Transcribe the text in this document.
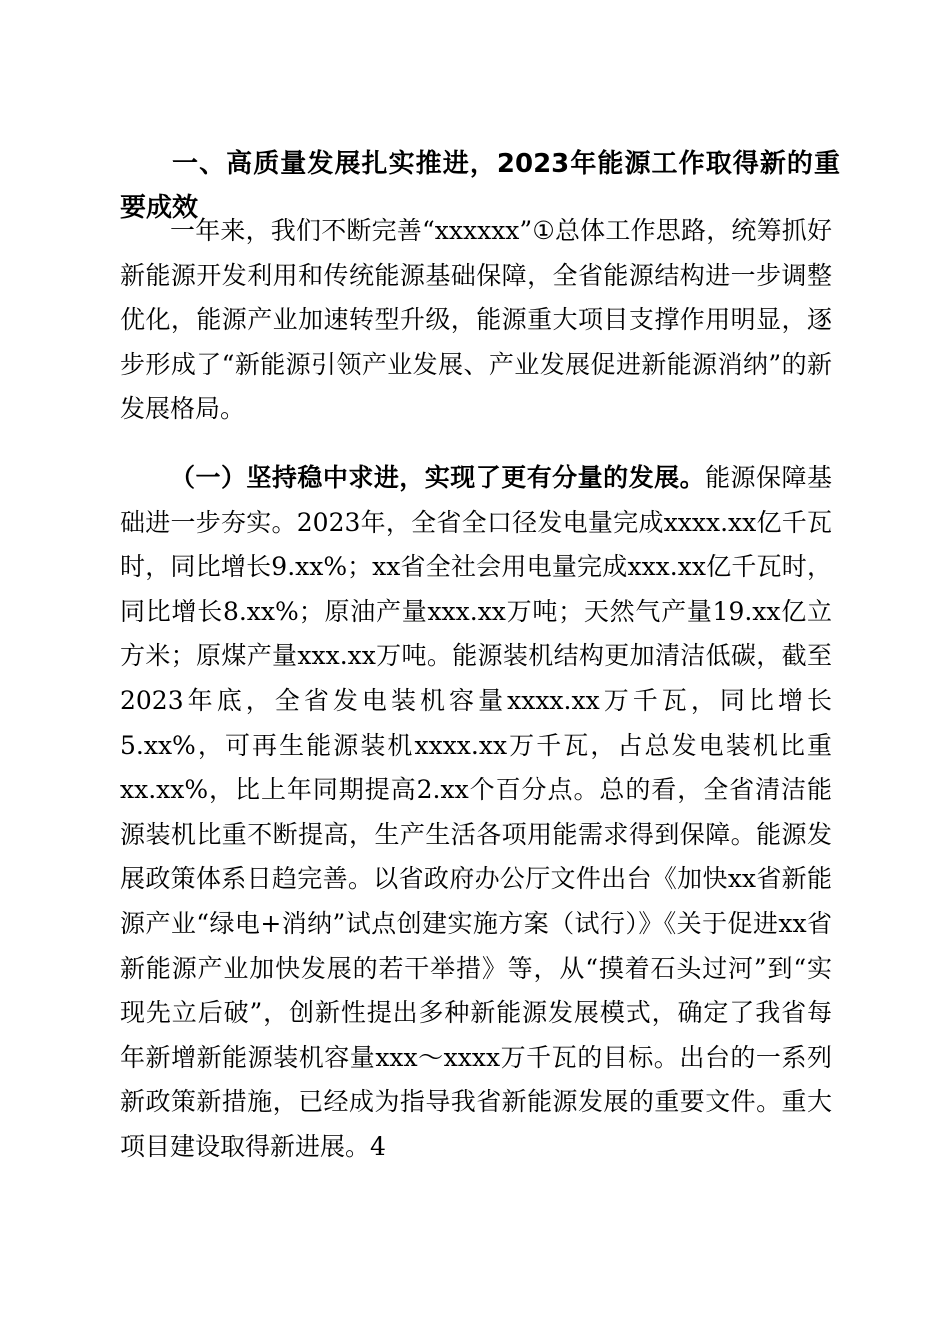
一、高质量发展扎实推进，2023年能源工作取得新的重要成效

一年来，我们不断完善“xxxxxx”①总体工作思路，统筹抓好新能源开发利用和传统能源基础保障，全省能源结构进一步调整优化，能源产业加速转型升级，能源重大项目支撑作用明显，逐步形成了“新能源引领产业发展、产业发展促进新能源消纳”的新发展格局。

（一）坚持稳中求进，实现了更有分量的发展。能源保障基础进一步夯实。2023年，全省全口径发电量完成xxxx.xx亿千瓦时，同比增长9.xx%；xx省全社会用电量完成xxx.xx亿千瓦时，同比增长8.xx%；原油产量xxx.xx万吨；天然气产量19.xx亿立方米；原煤产量xxx.xx万吨。能源装机结构更加清洁低碳，截至2023年底，全省发电装机容量xxxx.xx万千瓦，同比增长5.xx%，可再生能源装机xxxx.xx万千瓦，占总发电装机比重xx.xx%，比上年同期提高2.xx个百分点。总的看，全省清洁能源装机比重不断提高，生产生活各项用能需求得到保障。能源发展政策体系日趋完善。以省政府办公厅文件出台《加快xx省新能源产业“绿电+消纳”试点创建实施方案（试行）》《关于促进xx省新能源产业加快发展的若干举措》等，从“摸着石头过河”到“实现先立后破”，创新性提出多种新能源发展模式，确定了我省每年新增新能源装机容量xxx～xxxx万千瓦的目标。出台的一系列新政策新措施，已经成为指导我省新能源发展的重要文件。重大项目建设取得新进展。4
